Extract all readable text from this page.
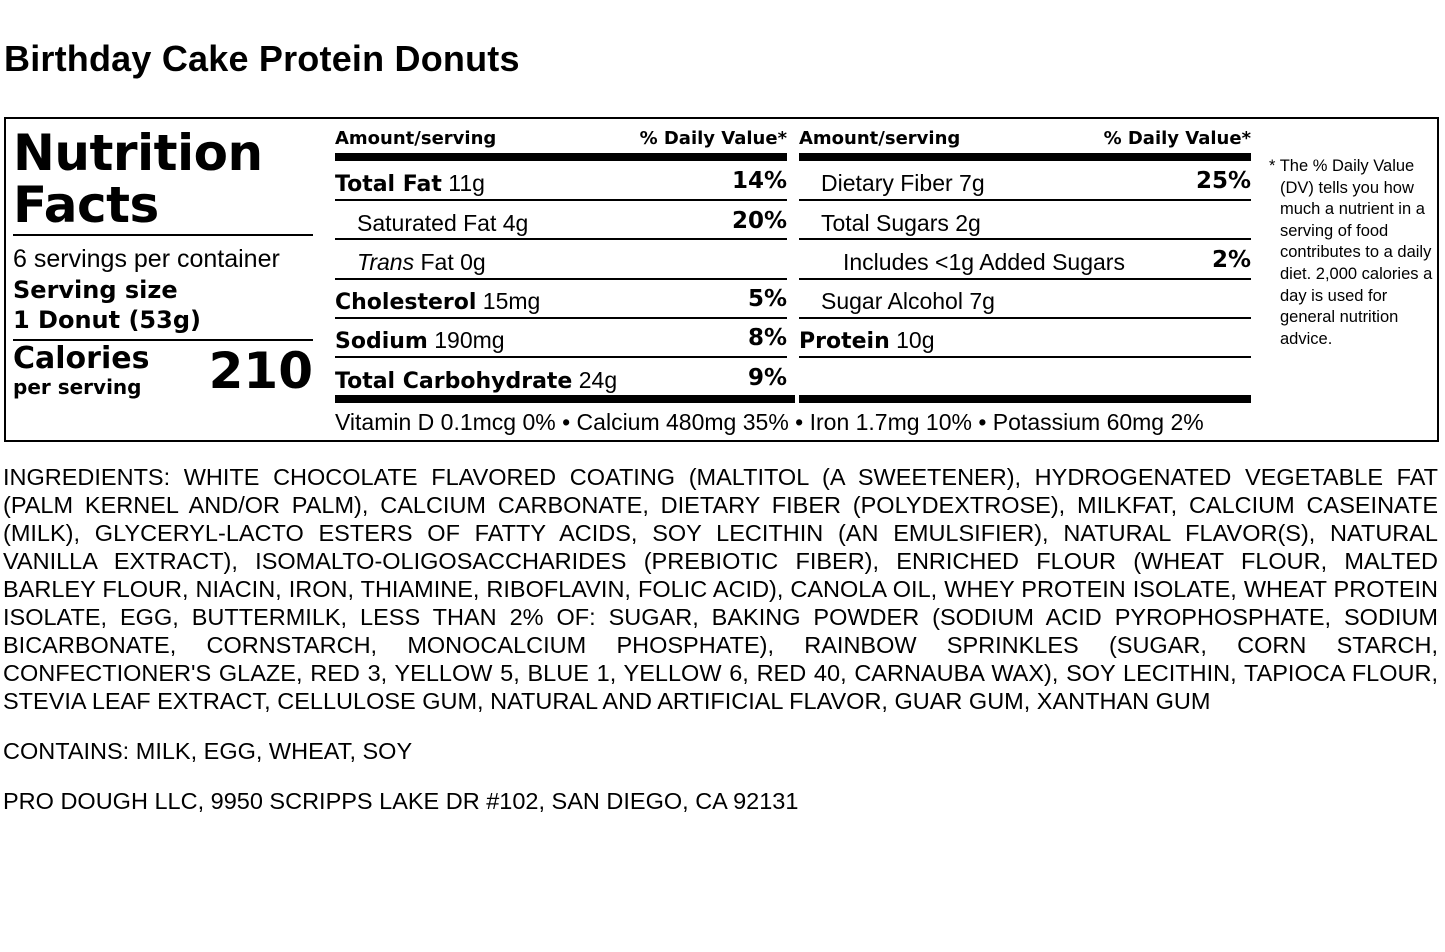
Birthday Cake Protein Donuts
Nutrition
Facts
6 servings per container
Serving size
1 Donut (53g)
Calories
per serving 210
Amount/serving	% Daily Value*
Total Fat 11g	14%
Saturated Fat 4g	20%
Trans Fat 0g
Cholesterol 15mg	5%
Sodium 190mg	8%
Total Carbohydrate 24g	9%
Amount/serving	% Daily Value*
Dietary Fiber 7g	25%
Total Sugars 2g
Includes <1g Added Sugars	2%
Sugar Alcohol 7g
Protein 10g
Vitamin D 0.1mcg 0% • Calcium 480mg 35% • Iron 1.7mg 10% • Potassium 60mg 2%
* The % Daily Value (DV) tells you how much a nutrient in a serving of food contributes to a daily diet. 2,000 calories a day is used for general nutrition advice.
INGREDIENTS: WHITE CHOCOLATE FLAVORED COATING (MALTITOL (A SWEETENER), HYDROGENATED VEGETABLE FAT (PALM KERNEL AND/OR PALM), CALCIUM CARBONATE, DIETARY FIBER (POLYDEXTROSE), MILKFAT, CALCIUM CASEINATE (MILK), GLYCERYL-LACTO ESTERS OF FATTY ACIDS, SOY LECITHIN (AN EMULSIFIER), NATURAL FLAVOR(S), NATURAL VANILLA EXTRACT), ISOMALTO-OLIGOSACCHARIDES (PREBIOTIC FIBER), ENRICHED FLOUR (WHEAT FLOUR, MALTED BARLEY FLOUR, NIACIN, IRON, THIAMINE, RIBOFLAVIN, FOLIC ACID), CANOLA OIL, WHEY PROTEIN ISOLATE, WHEAT PROTEIN ISOLATE, EGG, BUTTERMILK, LESS THAN 2% OF: SUGAR, BAKING POWDER (SODIUM ACID PYROPHOSPHATE, SODIUM BICARBONATE, CORNSTARCH, MONOCALCIUM PHOSPHATE), RAINBOW SPRINKLES (SUGAR, CORN STARCH, CONFECTIONER'S GLAZE, RED 3, YELLOW 5, BLUE 1, YELLOW 6, RED 40, CARNAUBA WAX), SOY LECITHIN, TAPIOCA FLOUR, STEVIA LEAF EXTRACT, CELLULOSE GUM, NATURAL AND ARTIFICIAL FLAVOR, GUAR GUM, XANTHAN GUM
CONTAINS: MILK, EGG, WHEAT, SOY
PRO DOUGH LLC, 9950 SCRIPPS LAKE DR #102, SAN DIEGO, CA 92131
